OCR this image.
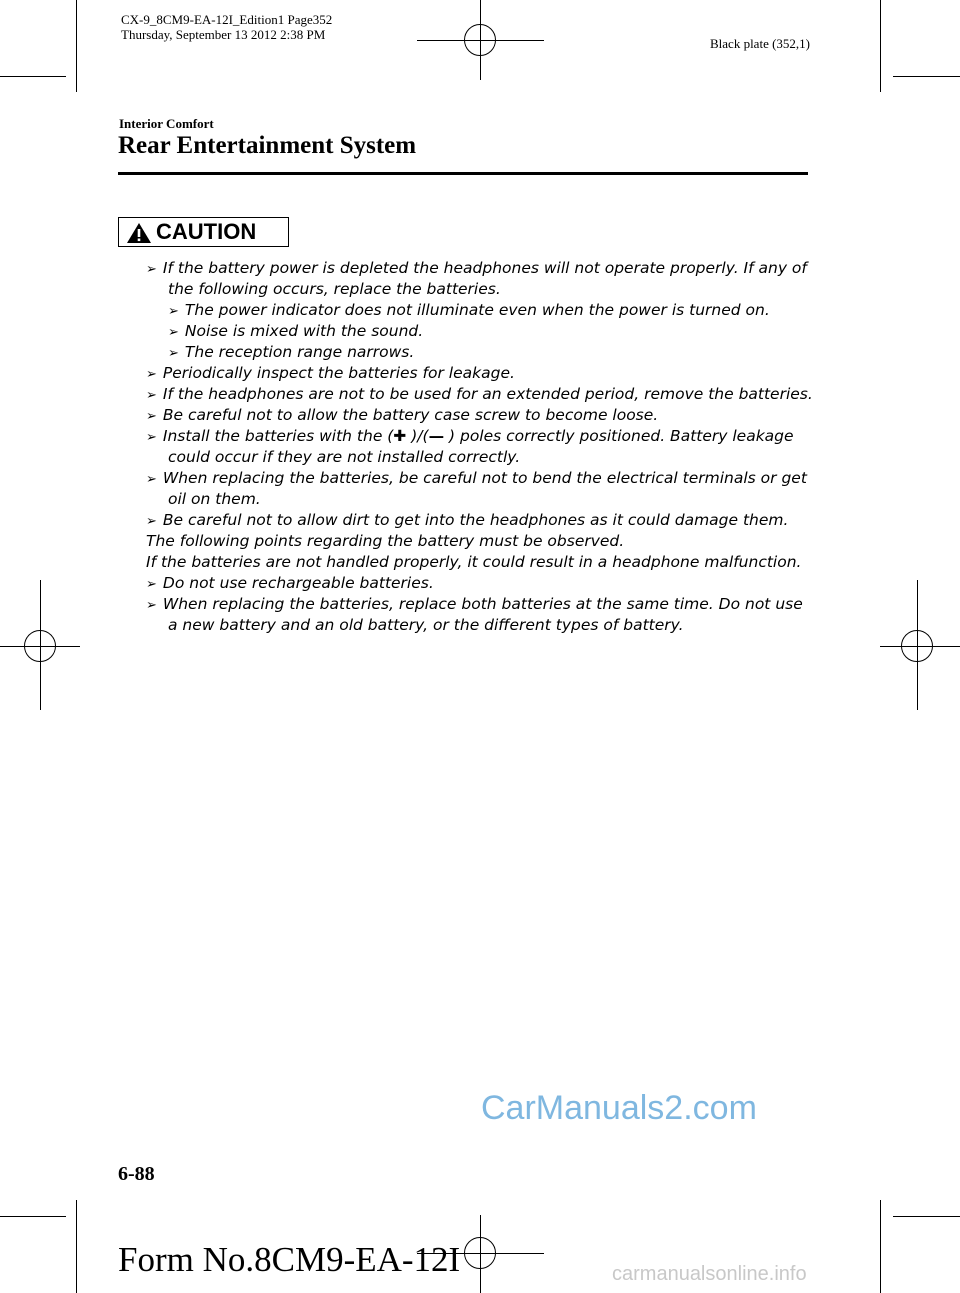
CX-9_8CM9-EA-12I_Edition1 Page352
Thursday, September 13 2012 2:38 PM
Black plate (352,1)
Interior Comfort
Rear Entertainment System
CAUTION
➢ If the battery power is depleted the headphones will not operate properly. If any of
the following occurs, replace the batteries.
➢ The power indicator does not illuminate even when the power is turned on.
➢ Noise is mixed with the sound.
➢ The reception range narrows.
➢ Periodically inspect the batteries for leakage.
➢ If the headphones are not to be used for an extended period, remove the batteries.
➢ Be careful not to allow the battery case screw to become loose.
➢ Install the batteries with the (✚ )/(— ) poles correctly positioned. Battery leakage
could occur if they are not installed correctly.
➢ When replacing the batteries, be careful not to bend the electrical terminals or get
oil on them.
➢ Be careful not to allow dirt to get into the headphones as it could damage them.
The following points regarding the battery must be observed.
If the batteries are not handled properly, it could result in a headphone malfunction.
➢ Do not use rechargeable batteries.
➢ When replacing the batteries, replace both batteries at the same time. Do not use
a new battery and an old battery, or the different types of battery.
CarManuals2.com
6-88
Form No.8CM9-EA-12I	carmanualsonline.info
